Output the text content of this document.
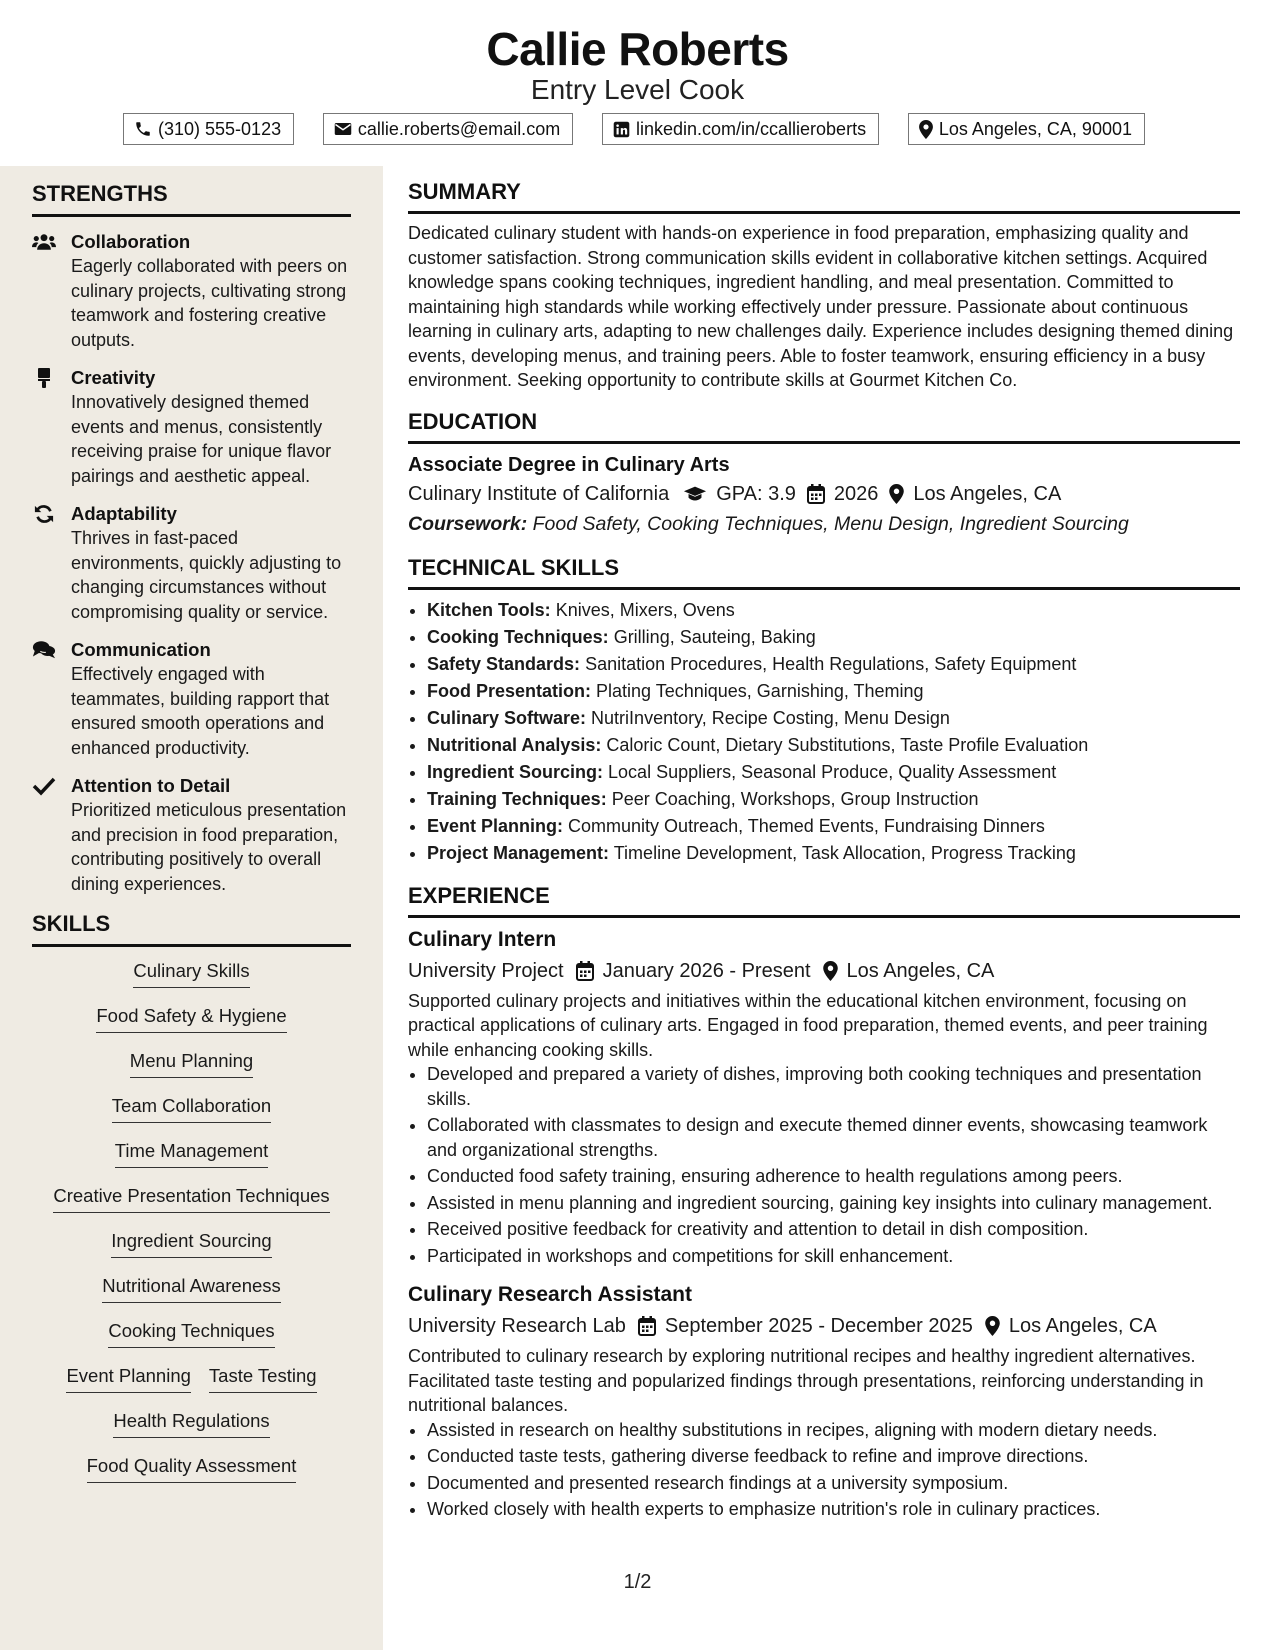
Callie Roberts
Entry Level Cook
(310) 555-0123	callie.roberts@email.com	linkedin.com/in/ccallieroberts	Los Angeles, CA, 90001
STRENGTHS
Collaboration
Eagerly collaborated with peers on culinary projects, cultivating strong teamwork and fostering creative outputs.
Creativity
Innovatively designed themed events and menus, consistently receiving praise for unique flavor pairings and aesthetic appeal.
Adaptability
Thrives in fast-paced environments, quickly adjusting to changing circumstances without compromising quality or service.
Communication
Effectively engaged with teammates, building rapport that ensured smooth operations and enhanced productivity.
Attention to Detail
Prioritized meticulous presentation and precision in food preparation, contributing positively to overall dining experiences.
SKILLS
Culinary Skills
Food Safety & Hygiene
Menu Planning
Team Collaboration
Time Management
Creative Presentation Techniques
Ingredient Sourcing
Nutritional Awareness
Cooking Techniques
Event Planning Taste Testing
Health Regulations
Food Quality Assessment
SUMMARY
Dedicated culinary student with hands-on experience in food preparation, emphasizing quality and customer satisfaction. Strong communication skills evident in collaborative kitchen settings. Acquired knowledge spans cooking techniques, ingredient handling, and meal presentation. Committed to maintaining high standards while working effectively under pressure. Passionate about continuous learning in culinary arts, adapting to new challenges daily. Experience includes designing themed dining events, developing menus, and training peers. Able to foster teamwork, ensuring efficiency in a busy environment. Seeking opportunity to contribute skills at Gourmet Kitchen Co.
EDUCATION
Associate Degree in Culinary Arts
Culinary Institute of California GPA: 3.9 2026 Los Angeles, CA
Coursework: Food Safety, Cooking Techniques, Menu Design, Ingredient Sourcing
TECHNICAL SKILLS
• Kitchen Tools: Knives, Mixers, Ovens
• Cooking Techniques: Grilling, Sauteing, Baking
• Safety Standards: Sanitation Procedures, Health Regulations, Safety Equipment
• Food Presentation: Plating Techniques, Garnishing, Theming
• Culinary Software: NutriInventory, Recipe Costing, Menu Design
• Nutritional Analysis: Caloric Count, Dietary Substitutions, Taste Profile Evaluation
• Ingredient Sourcing: Local Suppliers, Seasonal Produce, Quality Assessment
• Training Techniques: Peer Coaching, Workshops, Group Instruction
• Event Planning: Community Outreach, Themed Events, Fundraising Dinners
• Project Management: Timeline Development, Task Allocation, Progress Tracking
EXPERIENCE
Culinary Intern
University Project January 2026 - Present Los Angeles, CA
Supported culinary projects and initiatives within the educational kitchen environment, focusing on practical applications of culinary arts. Engaged in food preparation, themed events, and peer training while enhancing cooking skills.
• Developed and prepared a variety of dishes, improving both cooking techniques and presentation skills.
• Collaborated with classmates to design and execute themed dinner events, showcasing teamwork and organizational strengths.
• Conducted food safety training, ensuring adherence to health regulations among peers.
• Assisted in menu planning and ingredient sourcing, gaining key insights into culinary management.
• Received positive feedback for creativity and attention to detail in dish composition.
• Participated in workshops and competitions for skill enhancement.
Culinary Research Assistant
University Research Lab September 2025 - December 2025 Los Angeles, CA
Contributed to culinary research by exploring nutritional recipes and healthy ingredient alternatives. Facilitated taste testing and popularized findings through presentations, reinforcing understanding in nutritional balances.
• Assisted in research on healthy substitutions in recipes, aligning with modern dietary needs.
• Conducted taste tests, gathering diverse feedback to refine and improve directions.
• Documented and presented research findings at a university symposium.
• Worked closely with health experts to emphasize nutrition's role in culinary practices.
1/2
